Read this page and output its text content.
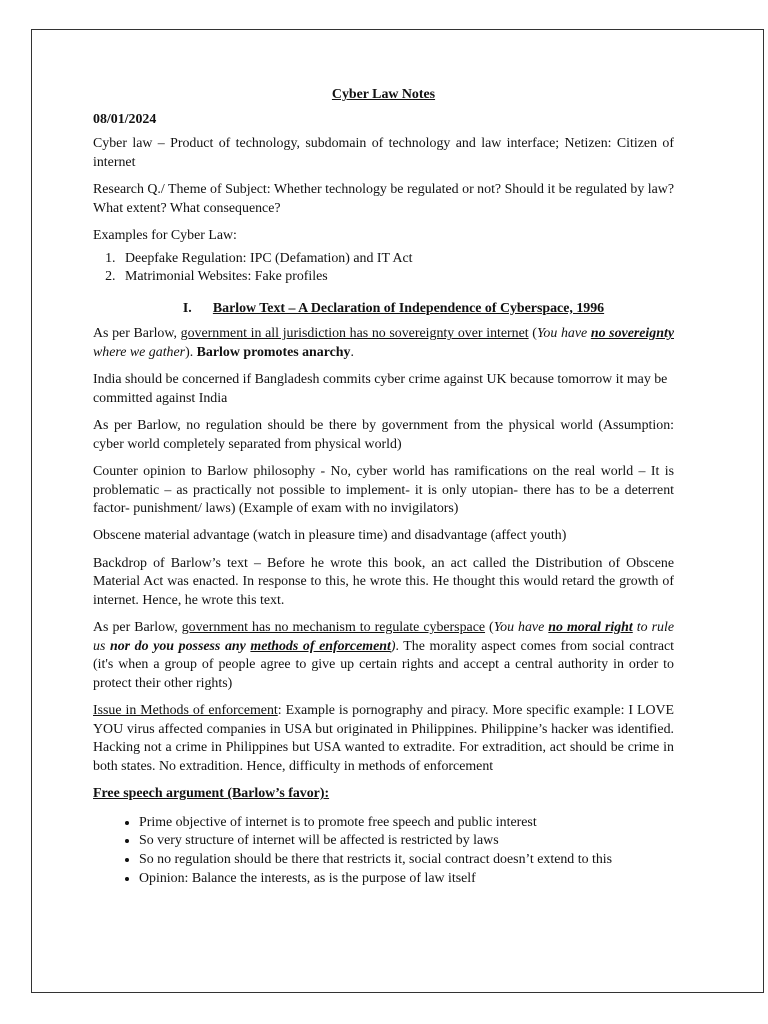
Cyber Law Notes

08/01/2024

Cyber law – Product of technology, subdomain of technology and law interface; Netizen: Citizen of internet

Research Q./ Theme of Subject: Whether technology be regulated or not? Should it be regulated by law? What extent? What consequence?

Examples for Cyber Law:

1. Deepfake Regulation: IPC (Defamation) and IT Act
2. Matrimonial Websites: Fake profiles

I. Barlow Text – A Declaration of Independence of Cyberspace, 1996

As per Barlow, government in all jurisdiction has no sovereignty over internet (You have no sovereignty where we gather). Barlow promotes anarchy.

India should be concerned if Bangladesh commits cyber crime against UK because tomorrow it may be committed against India

As per Barlow, no regulation should be there by government from the physical world (Assumption: cyber world completely separated from physical world)

Counter opinion to Barlow philosophy - No, cyber world has ramifications on the real world – It is problematic – as practically not possible to implement- it is only utopian- there has to be a deterrent factor- punishment/ laws) (Example of exam with no invigilators)

Obscene material advantage (watch in pleasure time) and disadvantage (affect youth)

Backdrop of Barlow’s text – Before he wrote this book, an act called the Distribution of Obscene Material Act was enacted. In response to this, he wrote this. He thought this would retard the growth of internet. Hence, he wrote this text.

As per Barlow, government has no mechanism to regulate cyberspace (You have no moral right to rule us nor do you possess any methods of enforcement). The morality aspect comes from social contract (it's when a group of people agree to give up certain rights and accept a central authority in order to protect their other rights)

Issue in Methods of enforcement: Example is pornography and piracy. More specific example: I LOVE YOU virus affected companies in USA but originated in Philippines. Philippine’s hacker was identified. Hacking not a crime in Philippines but USA wanted to extradite. For extradition, act should be crime in both states. No extradition. Hence, difficulty in methods of enforcement

Free speech argument (Barlow’s favor):

• Prime objective of internet is to promote free speech and public interest
• So very structure of internet will be affected is restricted by laws
• So no regulation should be there that restricts it, social contract doesn’t extend to this
• Opinion: Balance the interests, as is the purpose of law itself
